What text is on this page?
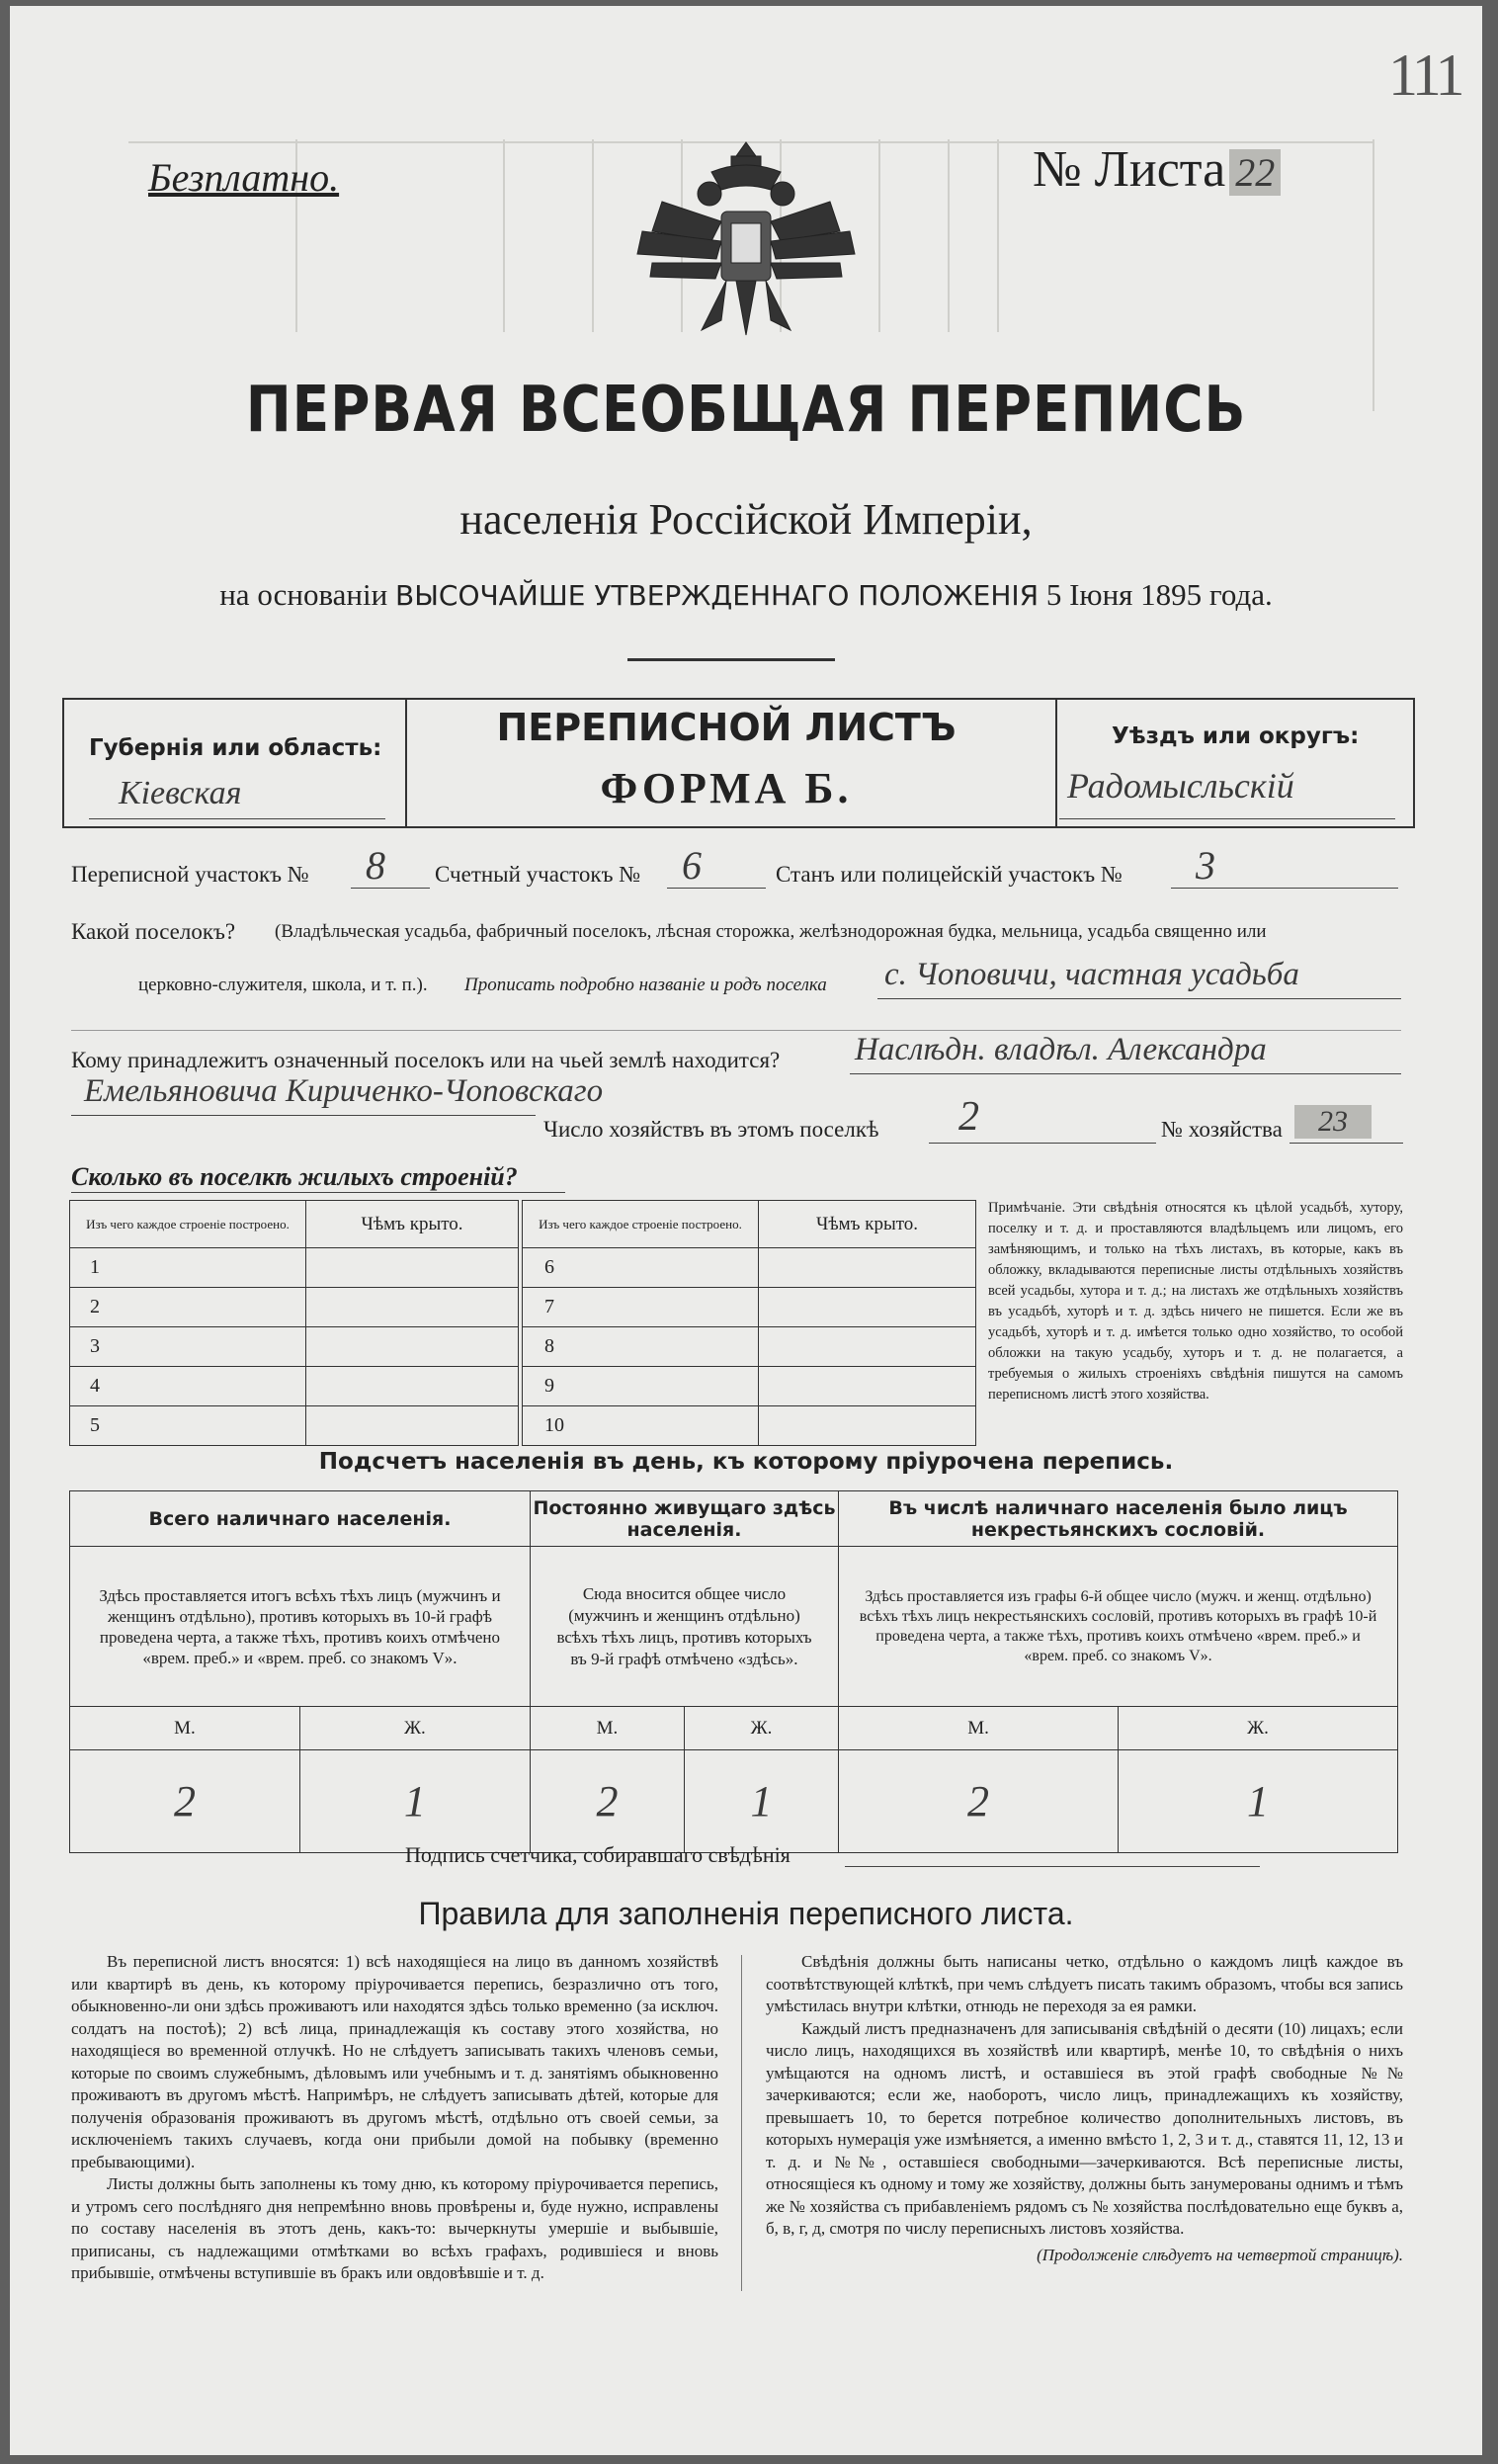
111
Безплатно.	№ Листа 22
ПЕРВАЯ ВСЕОБЩАЯ ПЕРЕПИСЬ
населенія Россійской Имперіи,
на основаніи ВЫСОЧАЙШЕ УТВЕРЖДЕННАГО ПОЛОЖЕНІЯ 5 Іюня 1895 года.
Губернія или область:
Кіевская
ПЕРЕПИСНОЙ ЛИСТЪ
ФОРМА Б.
Уѣздъ или округъ:
Радомысльскій
Переписной участокъ № 8 Счетный участокъ № 6	Станъ или полицейскій участокъ № 3
Какой поселокъ? (Владѣльческая усадьба, фабричный поселокъ, лѣсная сторожка, желѣзнодорожная будка, мельница, усадьба священно или
церковно-служителя, школа, и т. п.). Прописать подробно названіе и родъ поселка с. Чоповичи, частная усадьба
Кому принадлежитъ означенный поселокъ или на чьей землѣ находится? Наслѣдн. владѣл. Александра
Емельяновича Кириченко-Чоповскаго
Число хозяйствъ въ этомъ поселкѣ 2	№ хозяйства	23
Сколько въ поселкѣ жилыхъ строеній?
Изъ чего каждое строеніе построено.	Чѣмъ крыто.
1	
2	
3	
4	
5	
Изъ чего каждое строеніе построено.	Чѣмъ крыто.
6	
7	
8	
9	
10	
Примѣчаніе. Эти свѣдѣнія относятся къ цѣлой усадьбѣ, хутору, поселку и т. д. и проставляются владѣльцемъ или лицомъ, его замѣняющимъ, и только на тѣхъ листахъ, въ которые, какъ въ обложку, вкладываются переписные листы отдѣльныхъ хозяйствъ всей усадьбы, хутора и т. д.; на листахъ же отдѣльныхъ хозяйствъ въ усадьбѣ, хуторѣ и т. д. здѣсь ничего не пишется. Если же въ усадьбѣ, хуторѣ и т. д. имѣется только одно хозяйство, то особой обложки на такую усадьбу, хуторъ и т. д. не полагается, а требуемыя о жилыхъ строеніяхъ свѣдѣнія пишутся на самомъ переписномъ листѣ этого хозяйства.
Подсчетъ населенія въ день, къ которому пріурочена перепись.
Всего наличнаго населенія.		Постоянно живущаго здѣсь населенія.		Въ числѣ наличнаго населенія было лицъ некрестьянскихъ сословій.	
Здѣсь проставляется итогъ всѣхъ тѣхъ лицъ (мужчинъ и женщинъ отдѣльно), противъ которыхъ въ 10-й графѣ проведена черта, а также тѣхъ, противъ коихъ отмѣчено «врем. преб.» и «врем. преб. со знакомъ V».		Сюда вносится общее число (мужчинъ и женщинъ отдѣльно) всѣхъ тѣхъ лицъ, противъ которыхъ въ 9-й графѣ отмѣчено «здѣсь».		Здѣсь проставляется изъ графы 6-й общее число (мужч. и женщ. отдѣльно) всѣхъ тѣхъ лицъ некрестьянскихъ сословій, противъ которыхъ въ графѣ 10-й проведена черта, а также тѣхъ, противъ коихъ отмѣчено «врем. преб.» и «врем. преб. со знакомъ V».	
М.	Ж.	М.	Ж.	М.	Ж.
2	1	2	1	2	1
Подпись счетчика, собиравшаго свѣдѣнія
Правила для заполненія переписного листа.

Въ переписной листъ вносятся: 1) всѣ находящіеся на лицо въ данномъ хозяйствѣ или квартирѣ въ день, къ которому пріурочивается перепись, безразлично отъ того, обыкновенно-ли они здѣсь проживаютъ или находятся здѣсь только временно (за исключ. солдатъ на постоѣ); 2) всѣ лица, принадлежащія къ составу этого хозяйства, но находящіеся во временной отлучкѣ. Но не слѣдуетъ записывать такихъ членовъ семьи, которые по своимъ служебнымъ, дѣловымъ или учебнымъ и т. д. занятіямъ обыкновенно проживаютъ въ другомъ мѣстѣ. Напримѣръ, не слѣдуетъ записывать дѣтей, которые для полученія образованія проживаютъ въ другомъ мѣстѣ, отдѣльно отъ своей семьи, за исключеніемъ такихъ случаевъ, когда они прибыли домой на побывку (временно пребывающими).

Листы должны быть заполнены къ тому дню, къ которому пріурочивается перепись, и утромъ сего послѣдняго дня непремѣнно вновь провѣрены и, буде нужно, исправлены по составу населенія въ этотъ день, какъ-то: вычеркнуты умершіе и выбывшіе, приписаны, съ надлежащими отмѣтками во всѣхъ графахъ, родившіеся и вновь прибывшіе, отмѣчены вступившіе въ бракъ или овдовѣвшіе и т. д.

Свѣдѣнія должны быть написаны четко, отдѣльно о каждомъ лицѣ каждое въ соотвѣтствующей клѣткѣ, при чемъ слѣдуетъ писать такимъ образомъ, чтобы вся запись умѣстилась внутри клѣтки, отнюдь не переходя за ея рамки.

Каждый листъ предназначенъ для записыванія свѣдѣній о десяти (10) лицахъ; если число лицъ, находящихся въ хозяйствѣ или квартирѣ, менѣе 10, то свѣдѣнія о нихъ умѣщаются на одномъ листѣ, и оставшіеся въ этой графѣ свободные №№ зачеркиваются; если же, наоборотъ, число лицъ, принадлежащихъ къ хозяйству, превышаетъ 10, то берется потребное количество дополнительныхъ листовъ, въ которыхъ нумерація уже измѣняется, а именно вмѣсто 1, 2, 3 и т. д., ставятся 11, 12, 13 и т. д. и №№, оставшіеся свободными—зачеркиваются. Всѣ переписные листы, относящіеся къ одному и тому же хозяйству, должны быть занумерованы однимъ и тѣмъ же № хозяйства съ прибавленіемъ рядомъ съ № хозяйства послѣдовательно еще буквъ а, б, в, г, д, смотря по числу переписныхъ листовъ хозяйства.

(Продолженіе слѣдуетъ на четвертой страницѣ).
